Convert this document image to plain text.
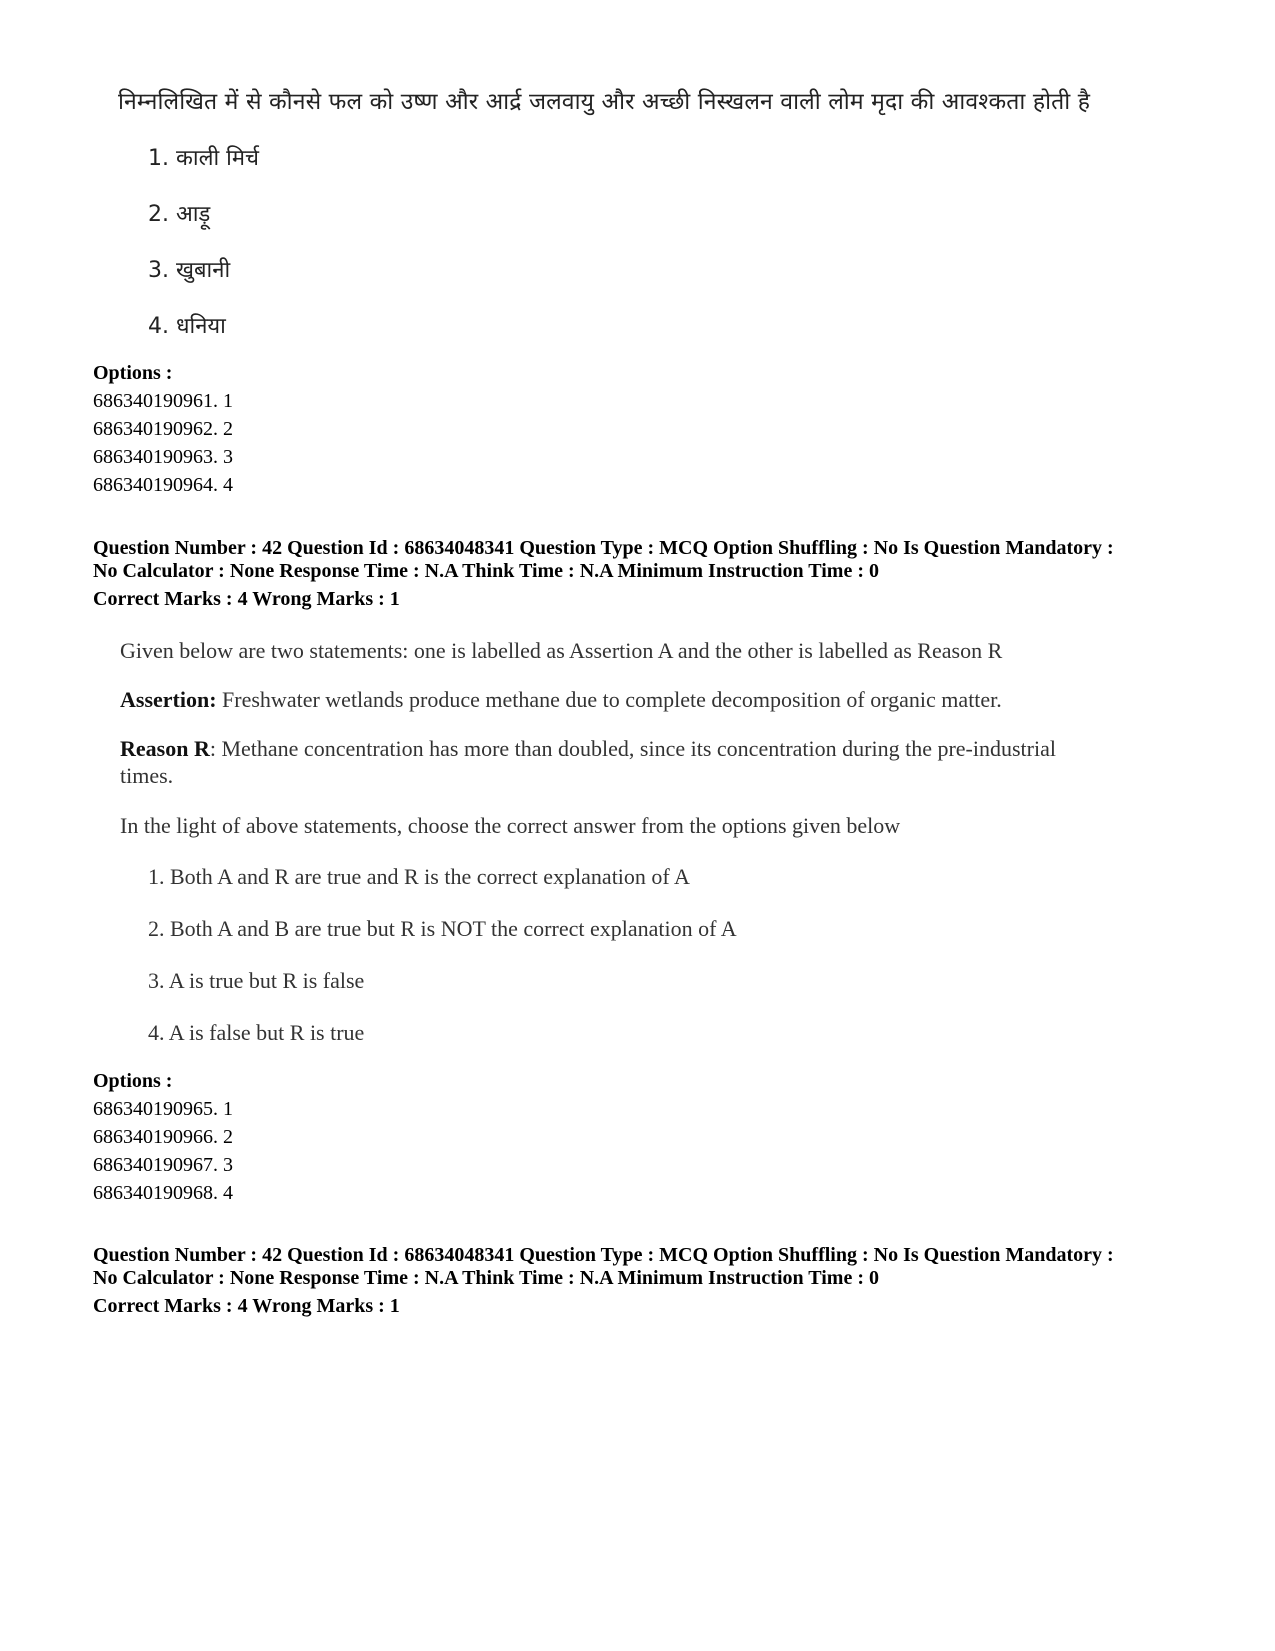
निम्नलिखित में से कौनसे फल को उष्ण और आर्द्र जलवायु और अच्छी निस्खलन वाली लोम मृदा की आवश्कता होती है

1. काली मिर्च

2. आड़ू

3. खुबानी

4. धनिया

Options :

686340190961. 1

686340190962. 2

686340190963. 3

686340190964. 4

Question Number : 42 Question Id : 68634048341 Question Type : MCQ Option Shuffling : No Is Question Mandatory :

No Calculator : None Response Time : N.A Think Time : N.A Minimum Instruction Time : 0

Correct Marks : 4 Wrong Marks : 1

Given below are two statements: one is labelled as Assertion A and the other is labelled as Reason R

Assertion: Freshwater wetlands produce methane due to complete decomposition of organic matter.

Reason R: Methane concentration has more than doubled, since its concentration during the pre-industrial

times.

In the light of above statements, choose the correct answer from the options given below

1. Both A and R are true and R is the correct explanation of A

2. Both A and B are true but R is NOT the correct explanation of A

3. A is true but R is false

4. A is false but R is true

Options :

686340190965. 1

686340190966. 2

686340190967. 3

686340190968. 4

Question Number : 42 Question Id : 68634048341 Question Type : MCQ Option Shuffling : No Is Question Mandatory :

No Calculator : None Response Time : N.A Think Time : N.A Minimum Instruction Time : 0

Correct Marks : 4 Wrong Marks : 1
